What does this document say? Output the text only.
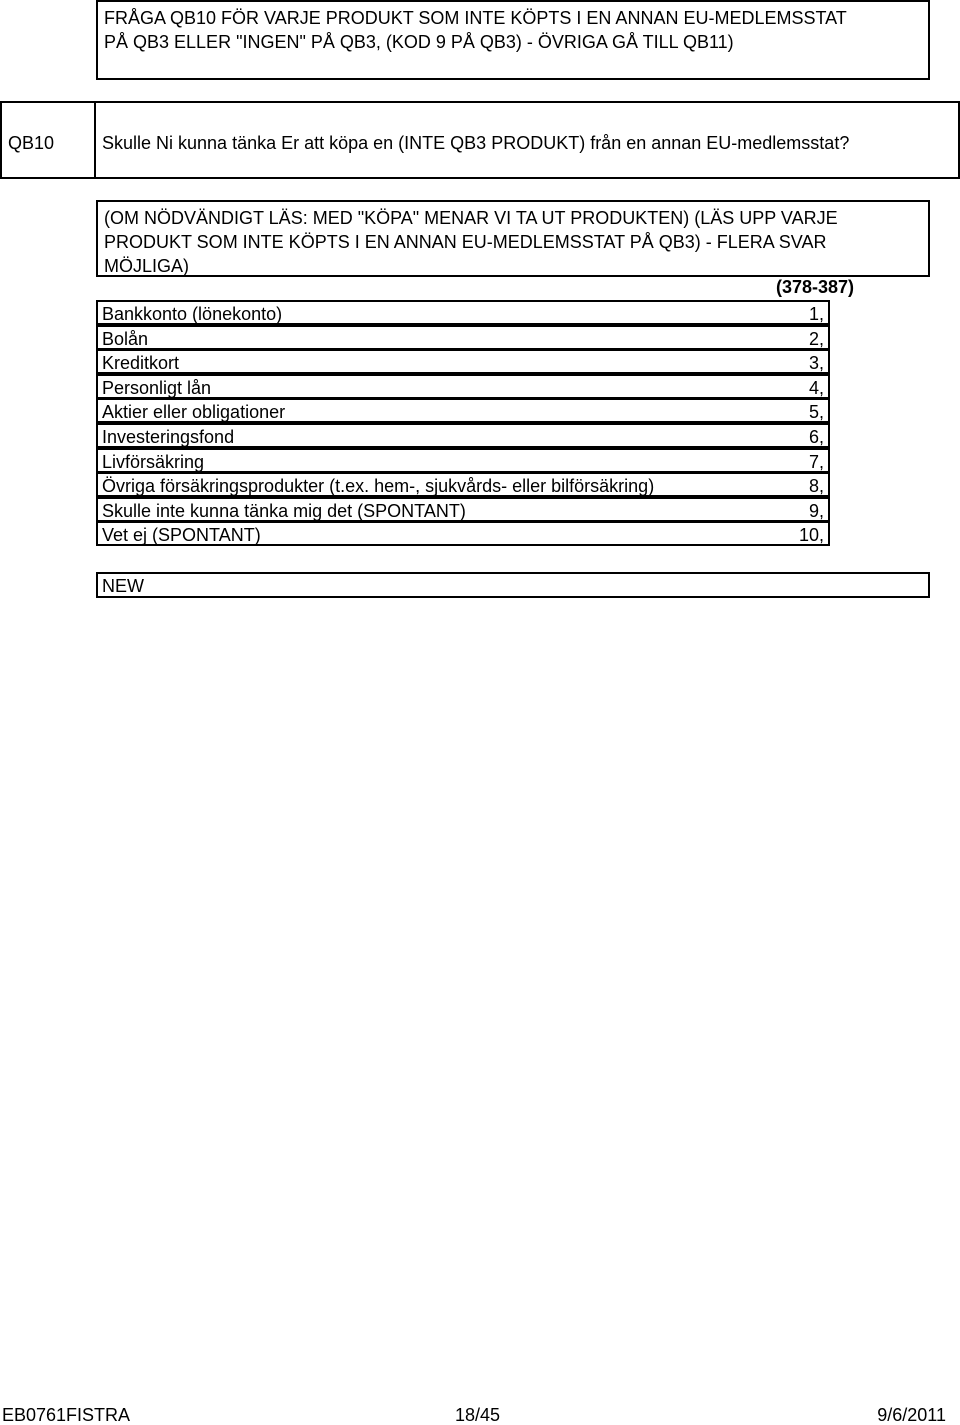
FRÅGA QB10 FÖR VARJE PRODUKT SOM INTE KÖPTS I EN ANNAN EU-MEDLEMSSTAT
PÅ QB3 ELLER "INGEN" PÅ QB3, (KOD 9 PÅ QB3) - ÖVRIGA GÅ TILL QB11)
QB10	Skulle Ni kunna tänka Er att köpa en (INTE QB3 PRODUKT) från en annan EU-medlemsstat?
(OM NÖDVÄNDIGT LÄS: MED "KÖPA" MENAR VI TA UT PRODUKTEN) (LÄS UPP VARJE
PRODUKT SOM INTE KÖPTS I EN ANNAN EU-MEDLEMSSTAT PÅ QB3) - FLERA SVAR
MÖJLIGA)
(378-387)
Bankkonto (lönekonto)	1,
Bolån	2,
Kreditkort	3,
Personligt lån	4,
Aktier eller obligationer	5,
Investeringsfond	6,
Livförsäkring	7,
Övriga försäkringsprodukter (t.ex. hem-, sjukvårds- eller bilförsäkring)	8,
Skulle inte kunna tänka mig det (SPONTANT)	9,
Vet ej (SPONTANT)	10,
NEW
EB0761FISTRA	18/45	9/6/2011
